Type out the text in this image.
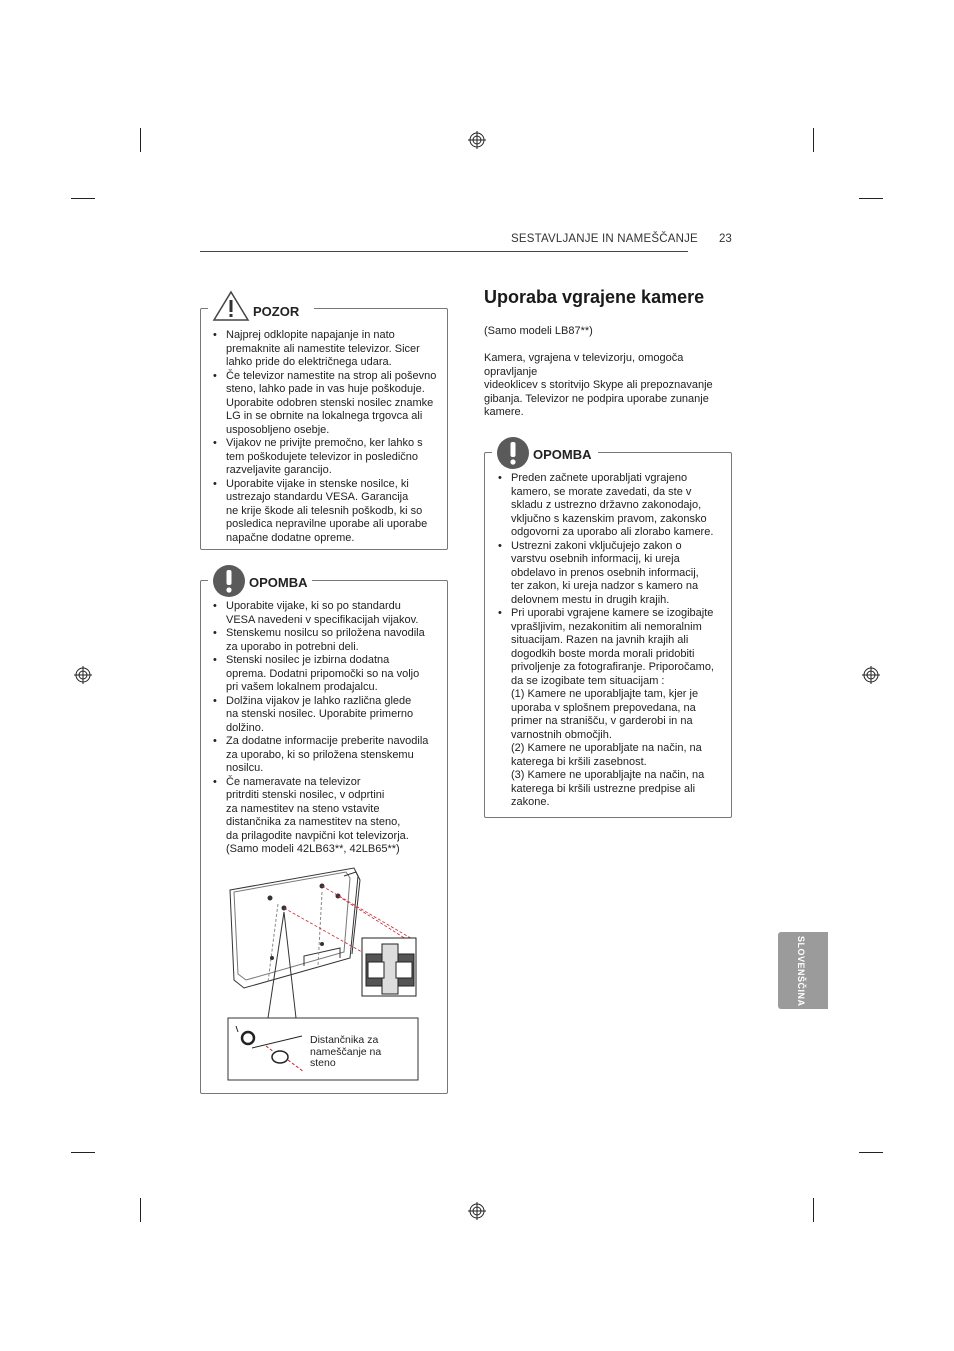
SESTAVLJANJE IN NAMEŠČANJE 23
POZOR
• Najprej odklopite napajanje in nato
premaknite ali namestite televizor. Sicer
lahko pride do električnega udara.
• Če televizor namestite na strop ali poševno
steno, lahko pade in vas huje poškoduje.
Uporabite odobren stenski nosilec znamke
LG in se obrnite na lokalnega trgovca ali
usposobljeno osebje.
• Vijakov ne privijte premočno, ker lahko s
tem poškodujete televizor in posledično
razveljavite garancijo.
• Uporabite vijake in stenske nosilce, ki
ustrezajo standardu VESA. Garancija
ne krije škode ali telesnih poškodb, ki so
posledica nepravilne uporabe ali uporabe
napačne dodatne opreme.
OPOMBA
• Uporabite vijake, ki so po standardu
VESA navedeni v specifikacijah vijakov.
• Stenskemu nosilcu so priložena navodila
za uporabo in potrebni deli.
• Stenski nosilec je izbirna dodatna
oprema. Dodatni pripomočki so na voljo
pri vašem lokalnem prodajalcu.
• Dolžina vijakov je lahko različna glede
na stenski nosilec. Uporabite primerno
dolžino.
• Za dodatne informacije preberite navodila
za uporabo, ki so priložena stenskemu
nosilcu.
• Če nameravate na televizor
pritrditi stenski nosilec, v odprtini
za namestitev na steno vstavite
distančnika za namestitev na steno,
da prilagodite navpični kot televizorja.
(Samo modeli 42LB63**, 42LB65**)
Distančnika za
nameščanje na
steno
Uporaba vgrajene kamere
(Samo modeli LB87**)
Kamera, vgrajena v televizorju, omogoča
opravljanje
videoklicev s storitvijo Skype ali prepoznavanje
gibanja. Televizor ne podpira uporabe zunanje
kamere.
OPOMBA
• Preden začnete uporabljati vgrajeno
kamero, se morate zavedati, da ste v
skladu z ustrezno državno zakonodajo,
vključno s kazenskim pravom, zakonsko
odgovorni za uporabo ali zlorabo kamere.
• Ustrezni zakoni vključujejo zakon o
varstvu osebnih informacij, ki ureja
obdelavo in prenos osebnih informacij,
ter zakon, ki ureja nadzor s kamero na
delovnem mestu in drugih krajih.
• Pri uporabi vgrajene kamere se izogibajte
vprašljivim, nezakonitim ali nemoralnim
situacijam. Razen na javnih krajih ali
dogodkih boste morda morali pridobiti
privoljenje za fotografiranje. Priporočamo,
da se izogibate tem situacijam :
(1) Kamere ne uporabljajte tam, kjer je
uporaba v splošnem prepovedana, na
primer na stranišču, v garderobi in na
varnostnih območjih.
(2) Kamere ne uporabljate na način, na
katerega bi kršili zasebnost.
(3) Kamere ne uporabljajte na način, na
katerega bi kršili ustrezne predpise ali
zakone.
SLOVENŠČINA
